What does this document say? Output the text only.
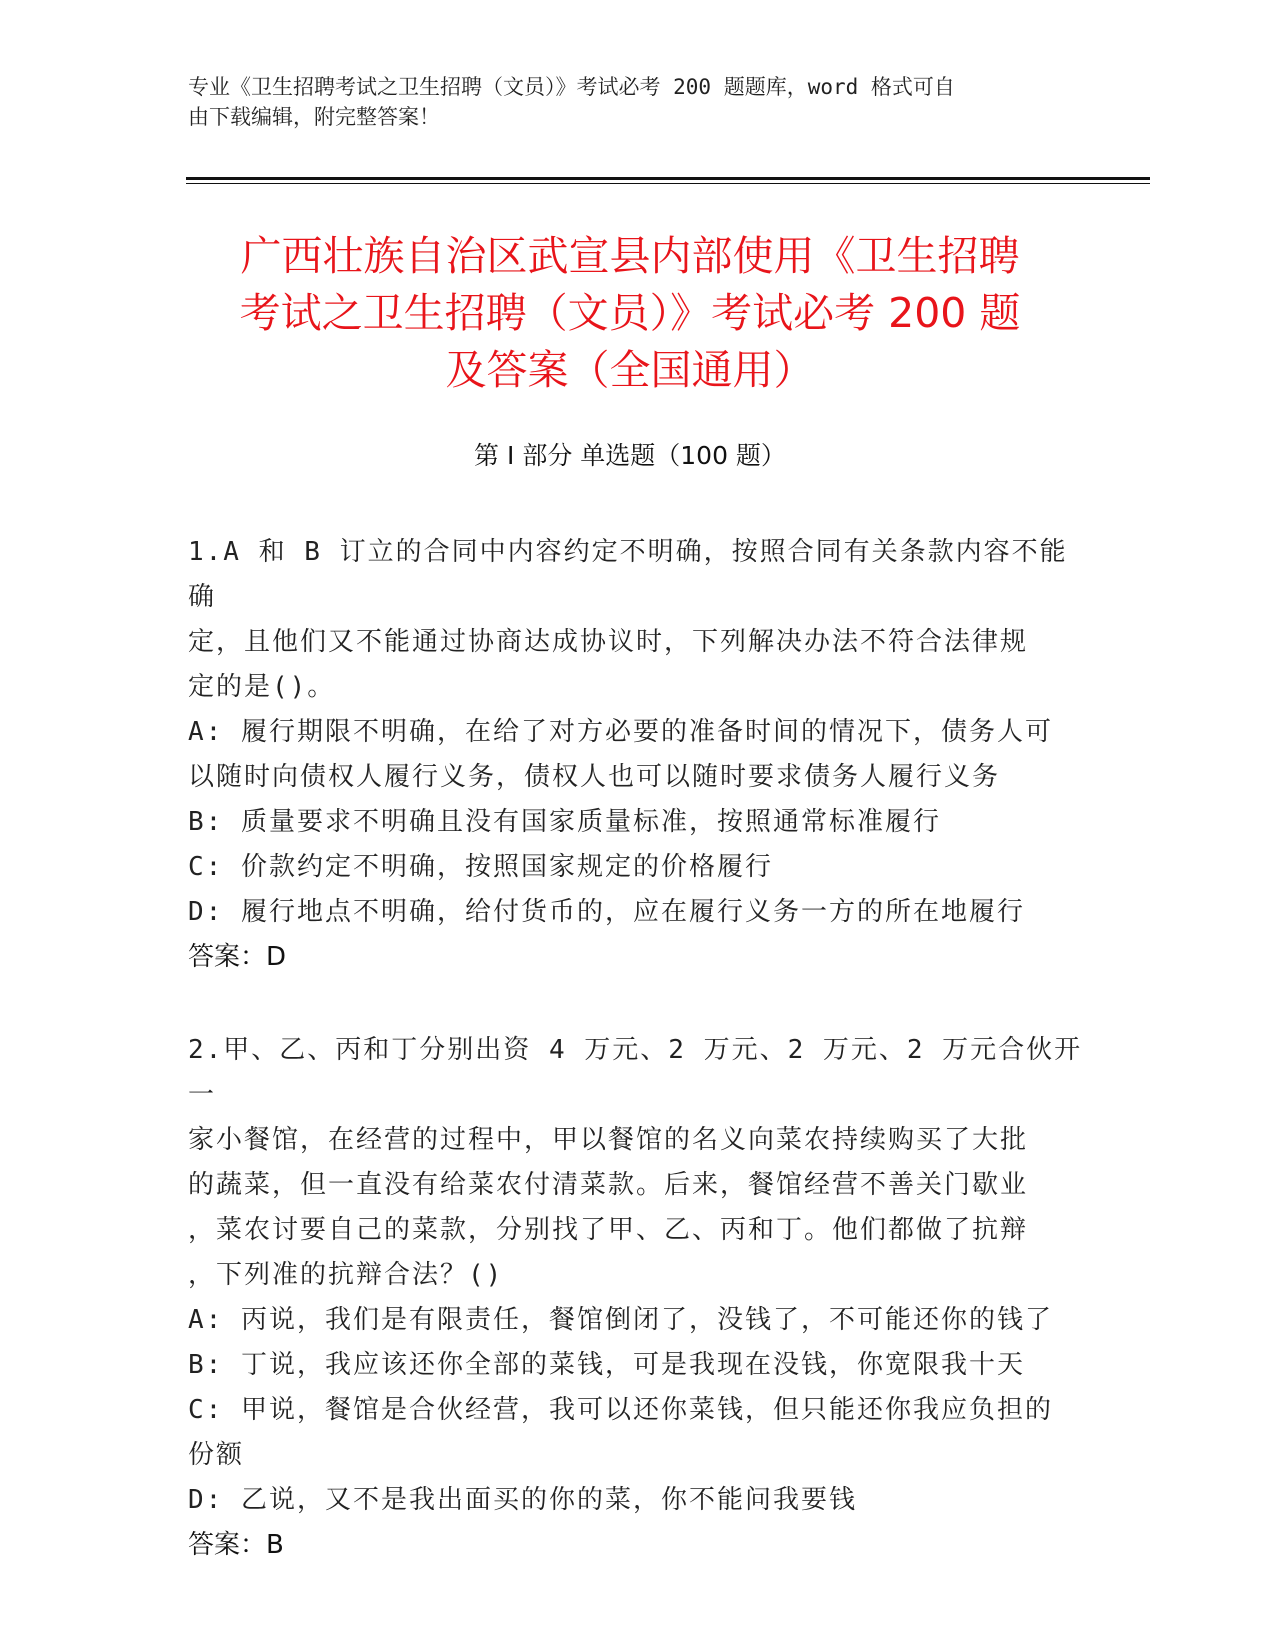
专业《卫生招聘考试之卫生招聘（文员）》考试必考 200 题题库，word 格式可自
由下载编辑，附完整答案！
广西壮族自治区武宣县内部使用《卫生招聘
考试之卫生招聘（文员）》考试必考 200 题
及答案（全国通用）
第 I 部分 单选题（100 题）

1.A 和 B 订立的合同中内容约定不明确，按照合同有关条款内容不能确

定，且他们又不能通过协商达成协议时，下列解决办法不符合法律规

定的是()。

A: 履行期限不明确，在给了对方必要的准备时间的情况下，债务人可

以随时向债权人履行义务，债权人也可以随时要求债务人履行义务

B: 质量要求不明确且没有国家质量标准，按照通常标准履行

C: 价款约定不明确，按照国家规定的价格履行

D: 履行地点不明确，给付货币的，应在履行义务一方的所在地履行

答案：D

2.甲、乙、丙和丁分别出资 4 万元、2 万元、2 万元、2 万元合伙开一

家小餐馆，在经营的过程中，甲以餐馆的名义向菜农持续购买了大批

的蔬菜，但一直没有给菜农付清菜款。后来，餐馆经营不善关门歇业

，菜农讨要自己的菜款，分别找了甲、乙、丙和丁。他们都做了抗辩

，下列准的抗辩合法？()

A: 丙说，我们是有限责任，餐馆倒闭了，没钱了，不可能还你的钱了

B: 丁说，我应该还你全部的菜钱，可是我现在没钱，你宽限我十天

C: 甲说，餐馆是合伙经营，我可以还你菜钱，但只能还你我应负担的

份额

D: 乙说，又不是我出面买的你的菜，你不能问我要钱

答案：B
